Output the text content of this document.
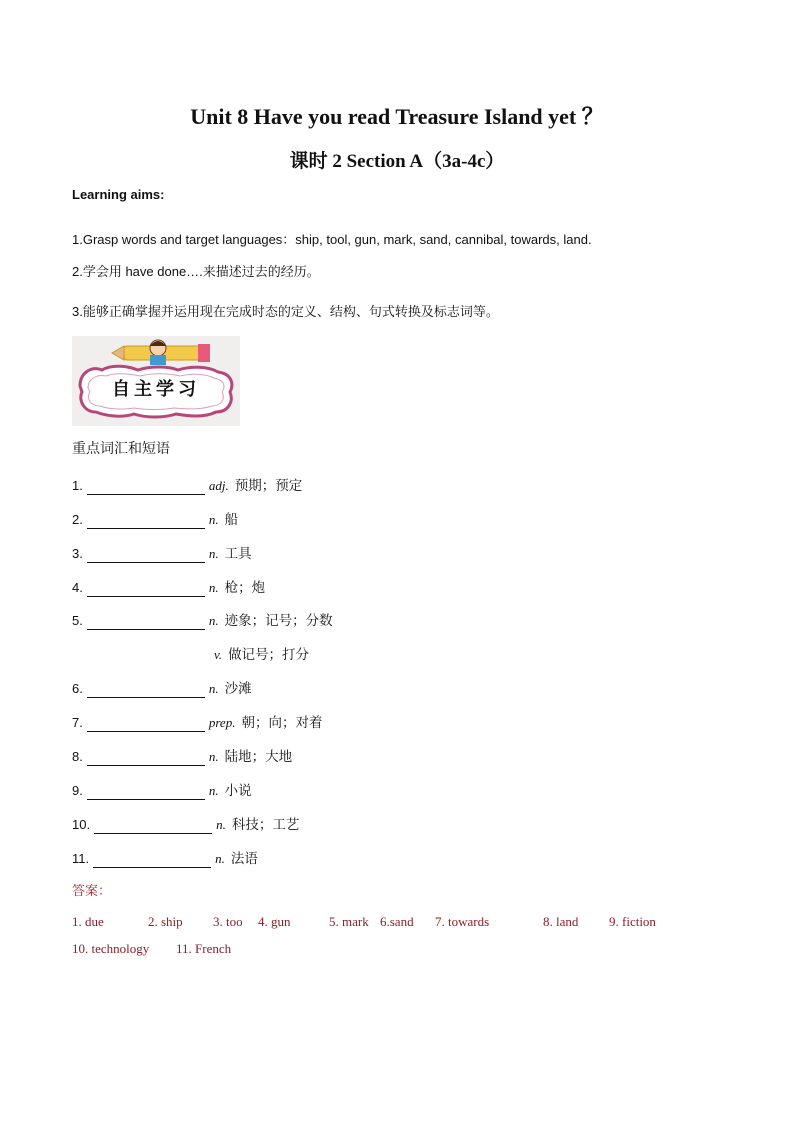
Unit 8 Have you read Treasure Island yet ？
课时 2 Section A（3a-4c）
Learning aims:
1.Grasp words and target languages：ship, tool, gun, mark, sand, cannibal, towards, land.
2.学会用 have done….来描述过去的经历。
3.能够正确掌握并运用现在完成时态的定义、结构、句式转换及标志词等。
自主学习
重点词汇和短语
1.	adj. 预期；预定
2.	n. 船
3.	n. 工具
4.	n. 枪；炮
5.	n. 迹象；记号；分数
v. 做记号；打分
6.	n. 沙滩
7.	prep. 朝；向；对着
8.	n. 陆地；大地
9.	n. 小说
10.	n. 科技；工艺
11.	n. 法语
答案：
1. due	2. ship 3. too 4. gun	5. mark 6.sand 7. towards	8. land 9. fiction
10. technology 11. French
